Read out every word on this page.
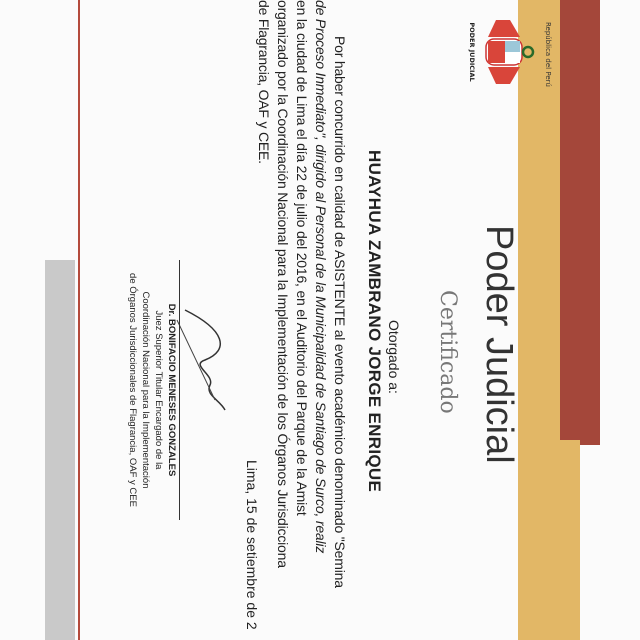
PODER JUDICIAL	República del Perú
Poder Judicial
Certificado
Otorgado a:
HUAYHUA ZAMBRANO JORGE ENRIQUE
Por haber concurrido en calidad de ASISTENTE al evento académico denominado "Semina
de Proceso Inmediato", dirigido al Personal de la Municipalidad de Santiago de Surco, realiz
en la ciudad de Lima el día 22 de julio del 2016, en el Auditorio del Parque de la Amist
organizado por la Coordinación Nacional para la Implementación de los Órganos Jurisdicciona
de Flagrancia, OAF y CEE.
Lima, 15 de setiembre de 2
Dr. BONIFACIO MENESES GONZALES
Juez Superior Titular Encargado de la
Coordinación Nacional para la Implementación
de Órganos Jurisdiccionales de Flagrancia, OAF y CEE
